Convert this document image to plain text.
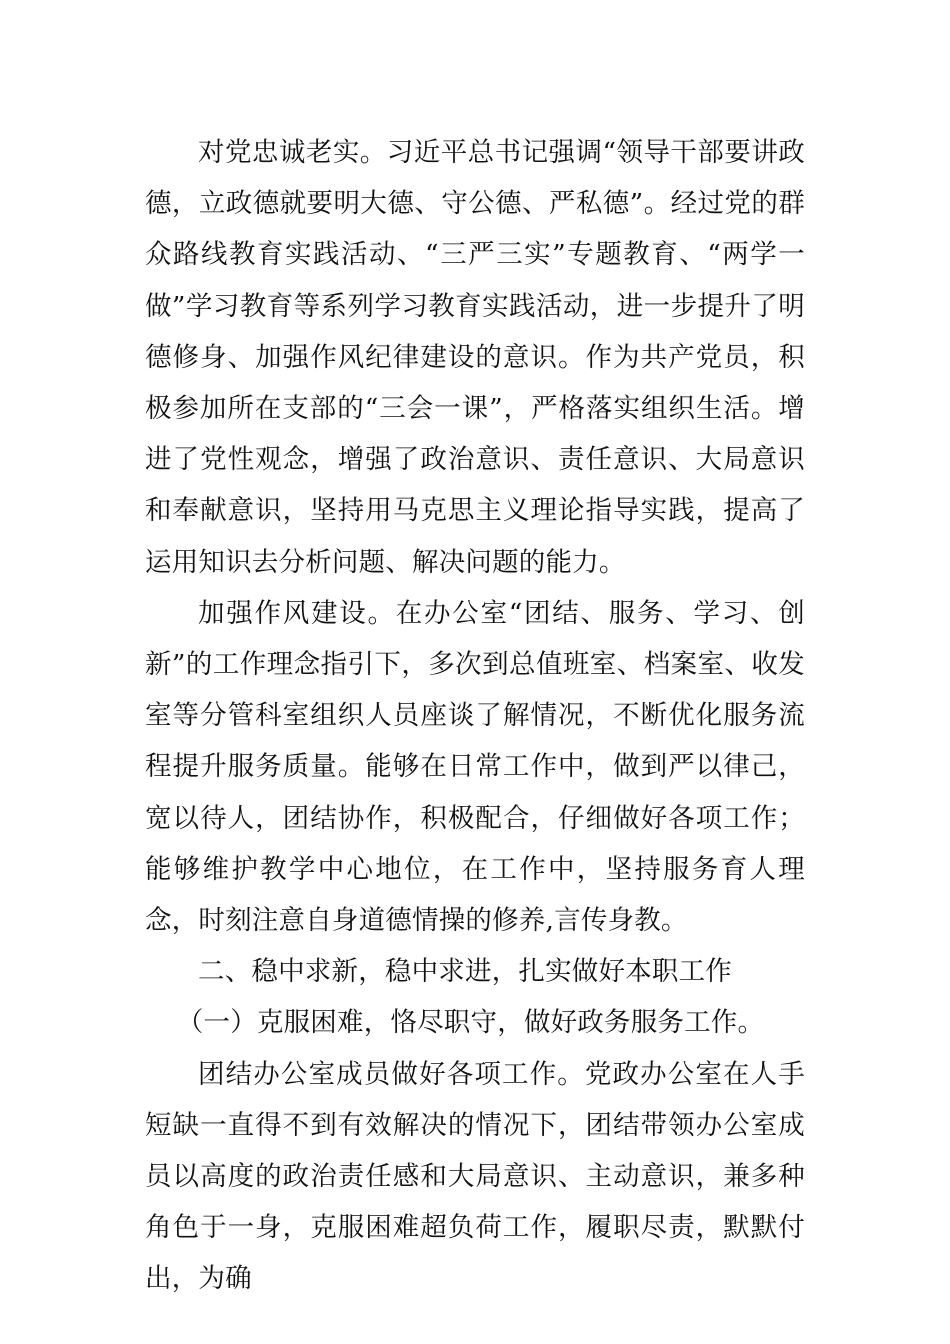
对党忠诚老实。习近平总书记强调“领导干部要讲政德，立政德就要明大德、守公德、严私德”。经过党的群众路线教育实践活动、“三严三实”专题教育、“两学一做”学习教育等系列学习教育实践活动，进一步提升了明德修身、加强作风纪律建设的意识。作为共产党员，积极参加所在支部的“三会一课”，严格落实组织生活。增进了党性观念，增强了政治意识、责任意识、大局意识和奉献意识，坚持用马克思主义理论指导实践，提高了运用知识去分析问题、解决问题的能力。

加强作风建设。在办公室“团结、服务、学习、创新”的工作理念指引下，多次到总值班室、档案室、收发室等分管科室组织人员座谈了解情况，不断优化服务流程提升服务质量。能够在日常工作中，做到严以律己，宽以待人，团结协作，积极配合，仔细做好各项工作；能够维护教学中心地位，在工作中，坚持服务育人理念，时刻注意自身道德情操的修养,言传身教。

二、稳中求新，稳中求进，扎实做好本职工作

（一）克服困难，恪尽职守，做好政务服务工作。

团结办公室成员做好各项工作。党政办公室在人手短缺一直得不到有效解决的情况下，团结带领办公室成员以高度的政治责任感和大局意识、主动意识，兼多种角色于一身，克服困难超负荷工作，履职尽责，默默付出，为确
